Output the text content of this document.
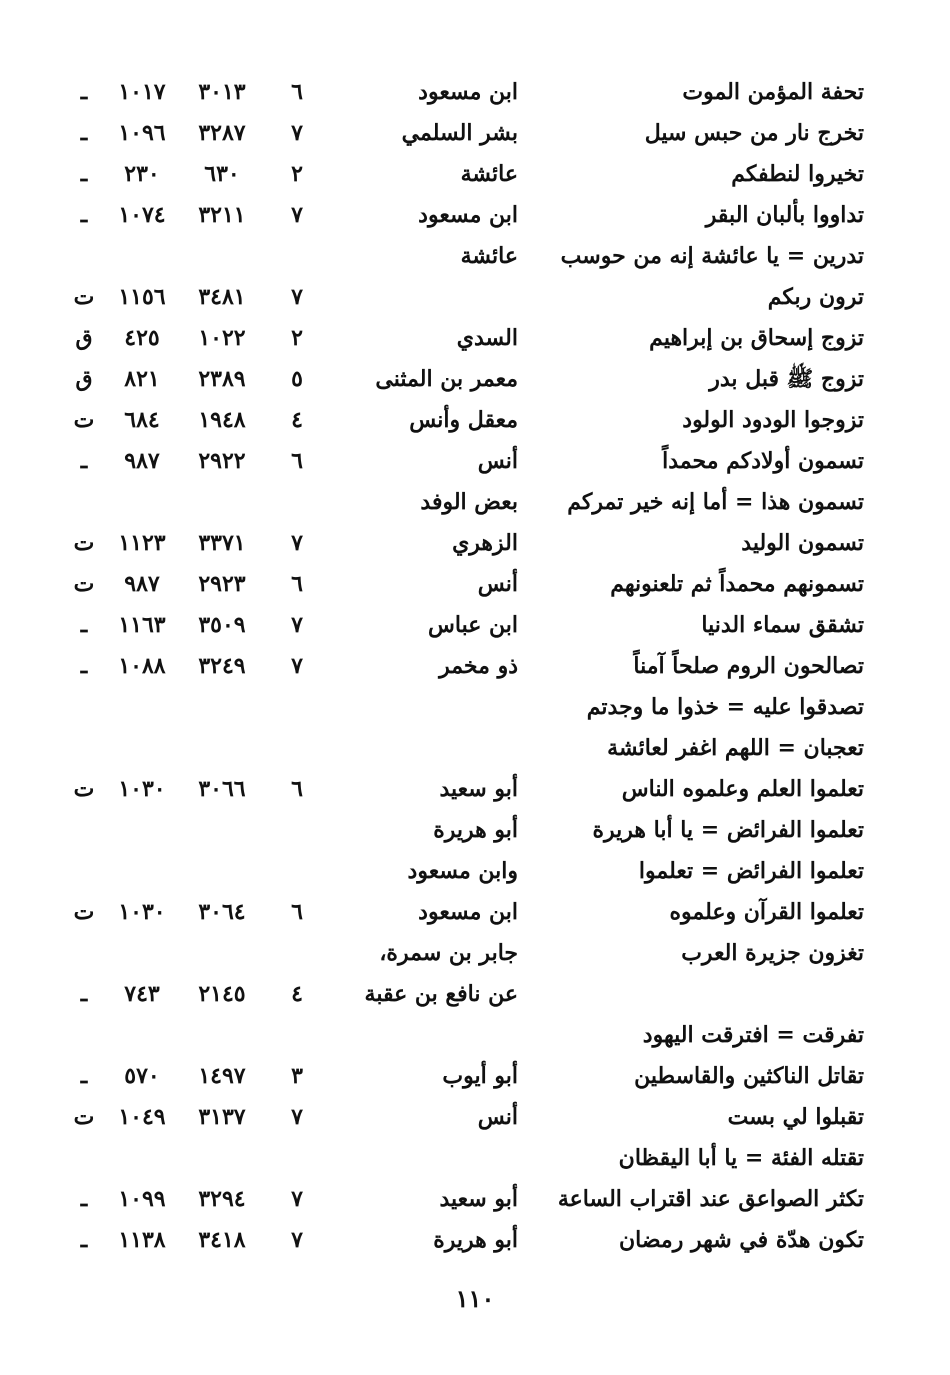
تحفة المؤمن الموت
ابن مسعود
٦
٣٠١٣
١٠١٧
ـ
تخرج نار من حبس سيل
بشر السلمي
٧
٣٢٨٧
١٠٩٦
ـ
تخيروا لنطفكم
عائشة
٢
٦٣٠
٢٣٠
ـ
تداووا بألبان البقر
ابن مسعود
٧
٣٢١١
١٠٧٤
ـ
تدرين = يا عائشة إنه من حوسب
عائشة
ترون ربكم
٧
٣٤٨١
١١٥٦
ت
تزوج إسحاق بن إبراهيم
السدي
٢
١٠٢٢
٤٢٥
ق
تزوج ﷺ قبل بدر
معمر بن المثنى
٥
٢٣٨٩
٨٢١
ق
تزوجوا الودود الولود
معقل وأنس
٤
١٩٤٨
٦٨٤
ت
تسمون أولادكم محمداً
أنس
٦
٢٩٢٢
٩٨٧
ـ
تسمون هذا = أما إنه خير تمركم
بعض الوفد
تسمون الوليد
الزهري
٧
٣٣٧١
١١٢٣
ت
تسمونهم محمداً ثم تلعنونهم
أنس
٦
٢٩٢٣
٩٨٧
ت
تشقق سماء الدنيا
ابن عباس
٧
٣٥٠٩
١١٦٣
ـ
تصالحون الروم صلحاً آمناً
ذو مخمر
٧
٣٢٤٩
١٠٨٨
ـ
تصدقوا عليه = خذوا ما وجدتم
تعجبان = اللهم اغفر لعائشة
تعلموا العلم وعلموه الناس
أبو سعيد
٦
٣٠٦٦
١٠٣٠
ت
تعلموا الفرائض = يا أبا هريرة
أبو هريرة
تعلموا الفرائض = تعلموا
وابن مسعود
تعلموا القرآن وعلموه
ابن مسعود
٦
٣٠٦٤
١٠٣٠
ت
تغزون جزيرة العرب
جابر بن سمرة،
عن نافع بن عقبة
٤
٢١٤٥
٧٤٣
ـ
تفرقت = افترقت اليهود
تقاتل الناكثين والقاسطين
أبو أيوب
٣
١٤٩٧
٥٧٠
ـ
تقبلوا لي بست
أنس
٧
٣١٣٧
١٠٤٩
ت
تقتله الفئة = يا أبا اليقظان
تكثر الصواعق عند اقتراب الساعة
أبو سعيد
٧
٣٢٩٤
١٠٩٩
ـ
تكون هدّة في شهر رمضان
أبو هريرة
٧
٣٤١٨
١١٣٨
ـ
١١٠
